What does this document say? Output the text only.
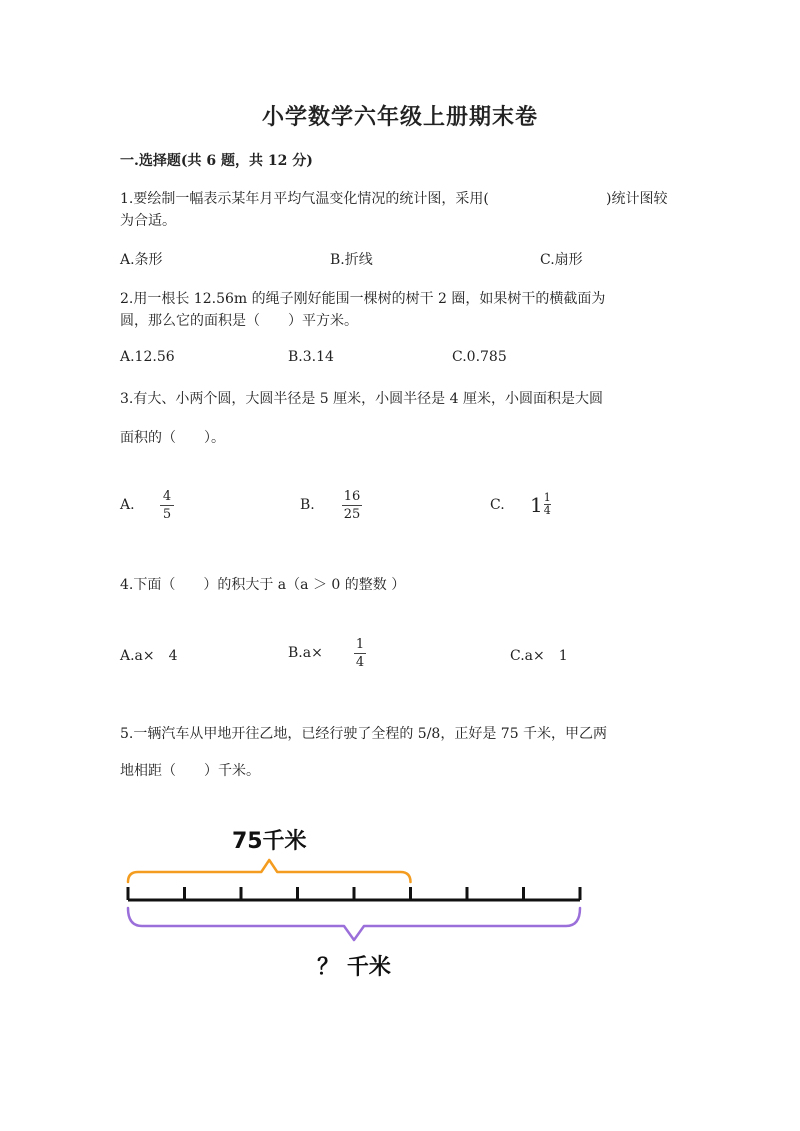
小学数学六年级上册期末卷
一.选择题(共 6 题，共 12 分)
1.要绘制一幅表示某年月平均气温变化情况的统计图，采用(	)统计图较
为合适。
A.条形	B.折线	C.扇形
2.用一根长 12.56m 的绳子刚好能围一棵树的树干 2 圈，如果树干的横截面为
圆，那么它的面积是（　　）平方米。
A.12.56	B.3.14	C.0.785
3.有大、小两个圆，大圆半径是 5 厘米，小圆半径是 4 厘米，小圆面积是大圆
面积的（　　）。
A.
4
5
B.
16
25
C. $1\frac{1}{4}$
4.下面（　　）的积大于 a（a ＞ 0 的整数 ）
A.a×　4	B.a×
1
4	C.a×　1
5.一辆汽车从甲地开往乙地，已经行驶了全程的 5/8，正好是 75 千米，甲乙两
地相距（　　）千米。
75千米
？ 千米
